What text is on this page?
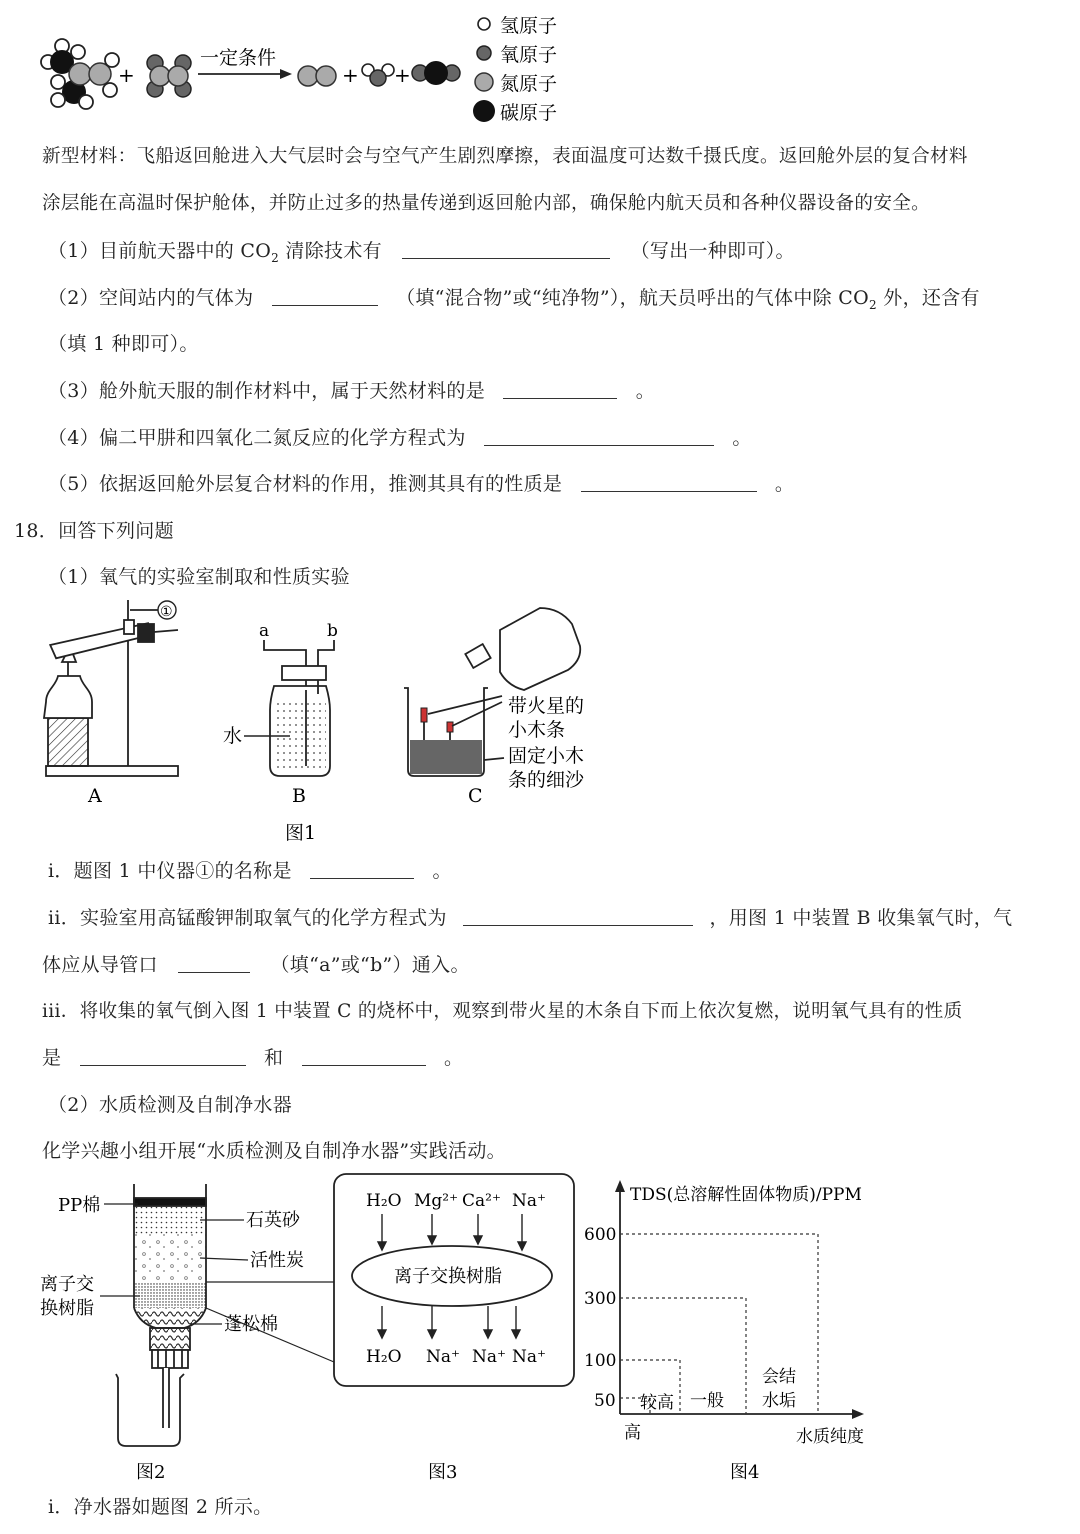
+
一定条件
+ +
氢原子
氧原子
氮原子
碳原子
新型材料：飞船返回舱进入大气层时会与空气产生剧烈摩擦，表面温度可达数千摄氏度。返回舱外层的复合材料
涂层能在高温时保护舱体，并防止过多的热量传递到返回舱内部，确保舱内航天员和各种仪器设备的安全。
（1）目前航天器中的 $CO_2$ 清除技术有	（写出一种即可）。
（2）空间站内的气体为	（填“混合物”或“纯净物”），航天员呼出的气体中除 $CO_2$ 外，还含有
（填 1 种即可）。
（3）舱外航天服的制作材料中，属于天然材料的是	。
（4）偏二甲肼和四氧化二氮反应的化学方程式为	。
（5）依据返回舱外层复合材料的作用，推测其具有的性质是	。
18．回答下列问题
（1）氧气的实验室制取和性质实验
①
A
a	b
水
B
带火星的
小木条
固定小木
条的细沙
C
图1
i．题图 1 中仪器①的名称是	。
ii．实验室用高锰酸钾制取氧气的化学方程式为	，用图 1 中装置 B 收集氧气时，气
体应从导管口	（填“a”或“b”）通入。
iii．将收集的氧气倒入图 1 中装置 C 的烧杯中，观察到带火星的木条自下而上依次复燃，说明氧气具有的性质
是	和	。
（2）水质检测及自制净水器
化学兴趣小组开展“水质检测及自制净水器”实践活动。
PP棉
石英砂
活性炭
离子交
换树脂
蓬松棉
图2
H₂O Mg²⁺ Ca²⁺ Na⁺
离子交换树脂
H₂O Na⁺ Na⁺ Na⁺
图3
TDS(总溶解性固体物质)/PPM
600
300
100
50 较高 一般
会结
水垢
高	水质纯度
图4
i．净水器如题图 2 所示。
